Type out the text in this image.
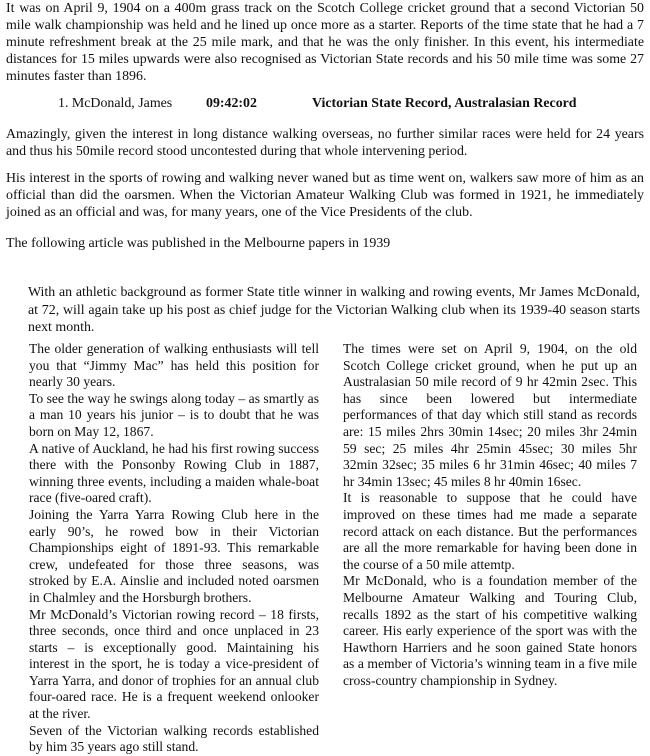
It was on April 9, 1904 on a 400m grass track on the Scotch College cricket ground that a second Victorian 50 mile walk championship was held and he lined up once more as a starter. Reports of the time state that he had a 7 minute refreshment break at the 25 mile mark, and that he was the only finisher. In this event, his intermediate distances for 15 miles upwards were also recognised as Victorian State records and his 50 mile time was some 27 minutes faster than 1896.

1. McDonald, James 09:42:02	Victorian State Record, Australasian Record

Amazingly, given the interest in long distance walking overseas, no further similar races were held for 24 years and thus his 50mile record stood uncontested during that whole intervening period.

His interest in the sports of rowing and walking never waned but as time went on, walkers saw more of him as an official than did the oarsmen. When the Victorian Amateur Walking Club was formed in 1921, he immediately joined as an official and was, for many years, one of the Vice Presidents of the club.

The following article was published in the Melbourne papers in 1939

With an athletic background as former State title winner in walking and rowing events, Mr James McDonald, at 72, will again take up his post as chief judge for the Victorian Walking club when its 1939-40 season starts next month.

The older generation of walking enthusiasts will tell you that “Jimmy Mac” has held this position for nearly 30 years.

To see the way he swings along today – as smartly as a man 10 years his junior – is to doubt that he was born on May 12, 1867.

A native of Auckland, he had his first rowing success there with the Ponsonby Rowing Club in 1887, winning three events, including a maiden whale-boat race (five-oared craft).

Joining the Yarra Yarra Rowing Club here in the early 90’s, he rowed bow in their Victorian Championships eight of 1891-93. This remarkable crew, undefeated for those three seasons, was stroked by E.A. Ainslie and included noted oarsmen in Chalmley and the Horsburgh brothers.

Mr McDonald’s Victorian rowing record – 18 firsts, three seconds, once third and once unplaced in 23 starts – is exceptionally good. Maintaining his interest in the sport, he is today a vice-president of Yarra Yarra, and donor of trophies for an annual club four-oared race. He is a frequent weekend onlooker at the river.

Seven of the Victorian walking records established by him 35 years ago still stand.

The times were set on April 9, 1904, on the old Scotch College cricket ground, when he put up an Australasian 50 mile record of 9 hr 42min 2sec. This has since been lowered but intermediate performances of that day which still stand as records are: 15 miles 2hrs 30min 14sec; 20 miles 3hr 24min 59 sec; 25 miles 4hr 25min 45sec; 30 miles 5hr 32min 32sec; 35 miles 6 hr 31min 46sec; 40 miles 7 hr 34min 13sec; 45 miles 8 hr 40min 16sec.

It is reasonable to suppose that he could have improved on these times had me made a separate record attack on each distance. But the performances are all the more remarkable for having been done in the course of a 50 mile attemtp.

Mr McDonald, who is a foundation member of the Melbourne Amateur Walking and Touring Club, recalls 1892 as the start of his competitive walking career. His early experience of the sport was with the Hawthorn Harriers and he soon gained State honors as a member of Victoria’s winning team in a five mile cross-country championship in Sydney.
